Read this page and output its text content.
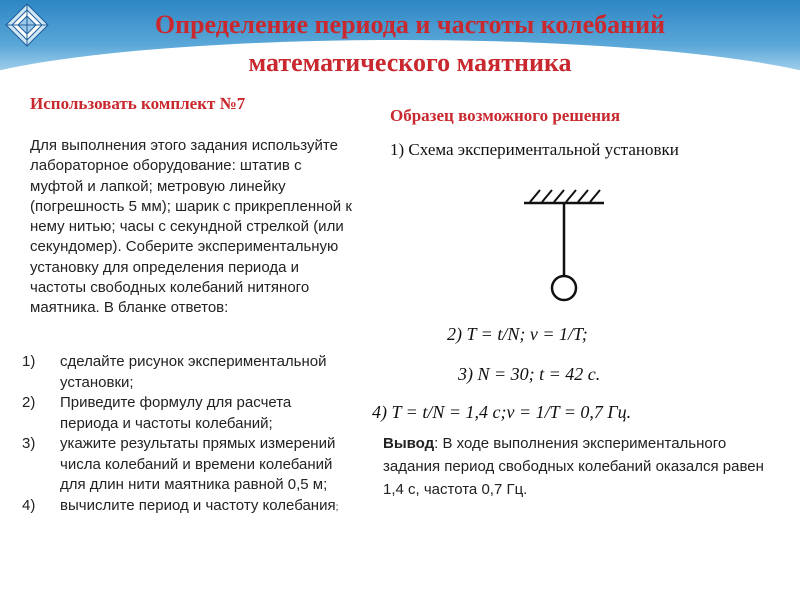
Определение периода и частоты колебаний
математического маятника
Использовать комплект №7
Для выполнения этого задания используйте лабораторное оборудование: штатив с муфтой и лапкой; метровую линейку (погрешность 5 мм); шарик с прикрепленной к нему нитью; часы с секундной стрелкой (или секундомер). Соберите экспериментальную установку для определения периода и частоты свободных колебаний нитяного маятника. В бланке ответов:
1)	сделайте рисунок экспериментальной установки;
2)	Приведите формулу для расчета периода и частоты колебаний;
3)	укажите результаты прямых измерений числа колебаний и времени колебаний для длин нити маятника равной 0,5 м;
4)	вычислите период и частоту колебания;
Образец возможного решения
1) Схема экспериментальной установки
2) T = t/N; ν = 1/T;
3) N = 30; t = 42 с.
4) T = t/N = 1,4 с;ν = 1/T = 0,7 Гц.
Вывод: В ходе выполнения экспериментального задания период свободных колебаний оказался равен 1,4 с, частота 0,7 Гц.
